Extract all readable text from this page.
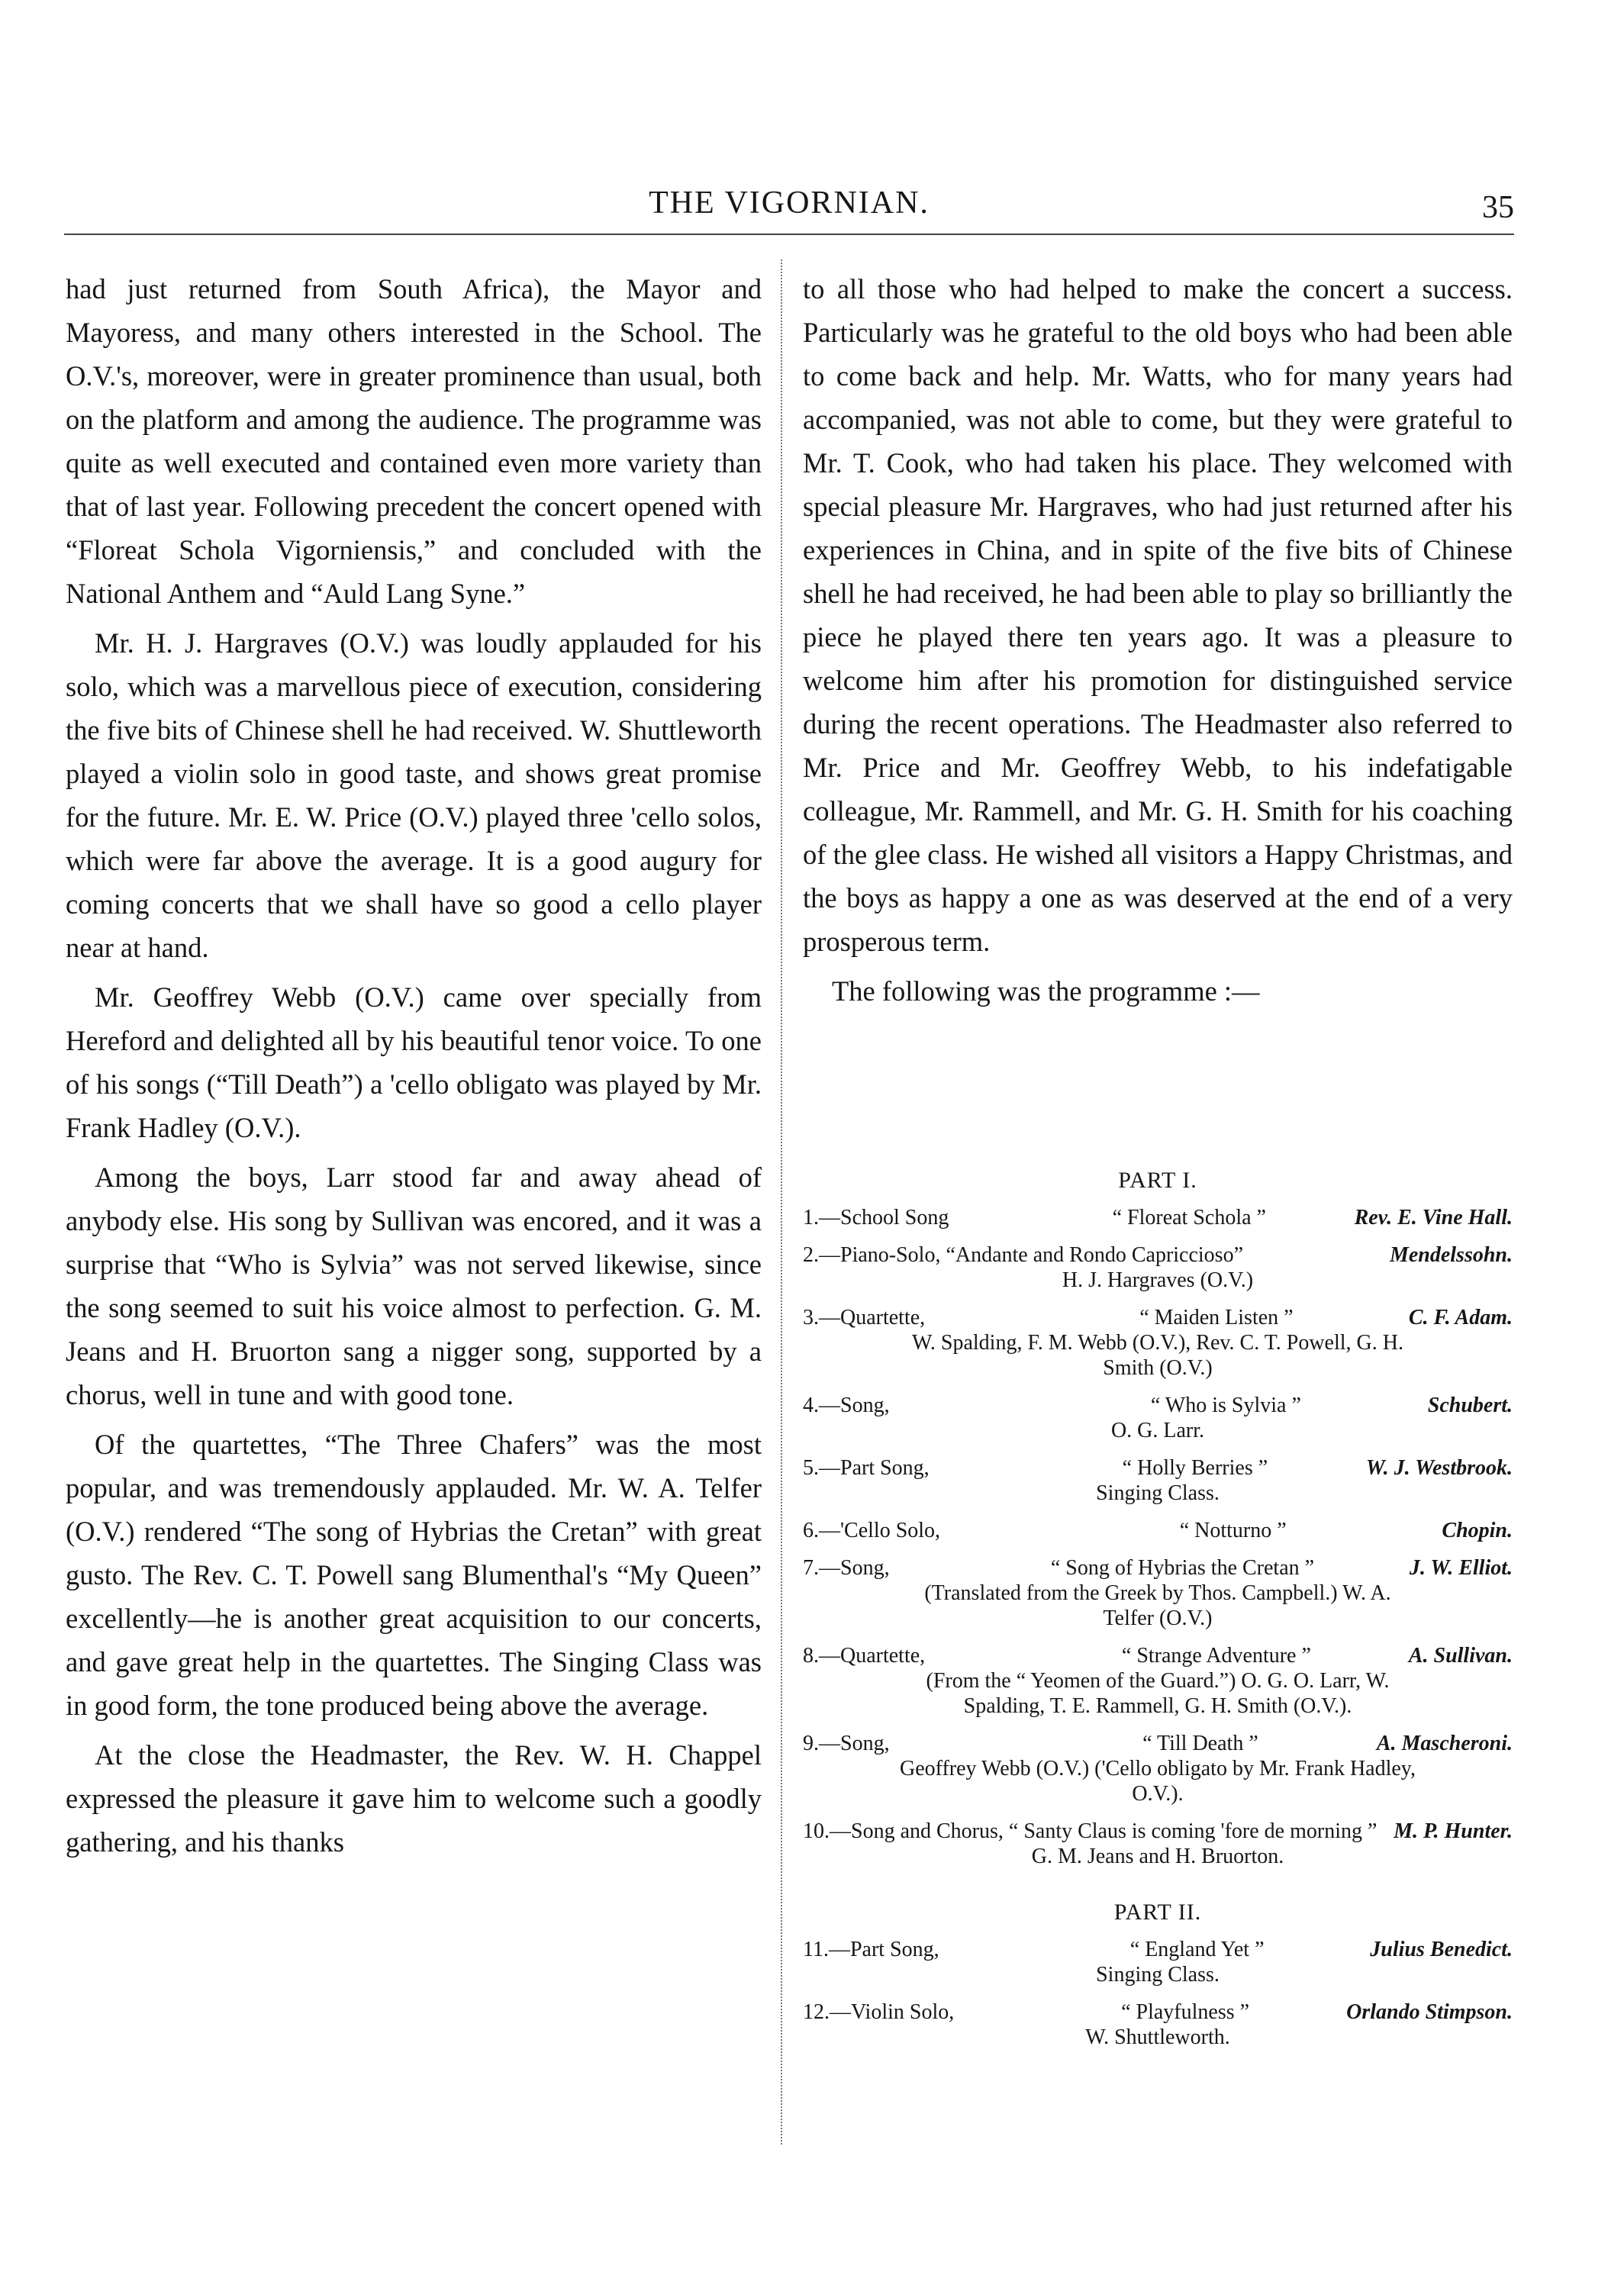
THE VIGORNIAN.	35

had just returned from South Africa), the Mayor and Mayoress, and many others interested in the School. The O.V.'s, moreover, were in greater prominence than usual, both on the platform and among the audience. The programme was quite as well executed and contained even more variety than that of last year. Following precedent the concert opened with “Floreat Schola Vigorniensis,” and concluded with the National Anthem and “Auld Lang Syne.”

Mr. H. J. Hargraves (O.V.) was loudly applauded for his solo, which was a marvellous piece of execution, considering the five bits of Chinese shell he had received. W. Shuttleworth played a violin solo in good taste, and shows great promise for the future. Mr. E. W. Price (O.V.) played three 'cello solos, which were far above the average. It is a good augury for coming concerts that we shall have so good a cello player near at hand.

Mr. Geoffrey Webb (O.V.) came over specially from Hereford and delighted all by his beautiful tenor voice. To one of his songs (“Till Death”) a 'cello obligato was played by Mr. Frank Hadley (O.V.).

Among the boys, Larr stood far and away ahead of anybody else. His song by Sullivan was encored, and it was a surprise that “Who is Sylvia” was not served likewise, since the song seemed to suit his voice almost to perfection. G. M. Jeans and H. Bruorton sang a nigger song, supported by a chorus, well in tune and with good tone.

Of the quartettes, “The Three Chafers” was the most popular, and was tremendously applauded. Mr. W. A. Telfer (O.V.) rendered “The song of Hybrias the Cretan” with great gusto. The Rev. C. T. Powell sang Blumenthal's “My Queen” excellently—he is another great acquisition to our concerts, and gave great help in the quartettes. The Singing Class was in good form, the tone produced being above the average.

At the close the Headmaster, the Rev. W. H. Chappel expressed the pleasure it gave him to welcome such a goodly gathering, and his thanks

to all those who had helped to make the concert a success. Particularly was he grateful to the old boys who had been able to come back and help. Mr. Watts, who for many years had accompanied, was not able to come, but they were grateful to Mr. T. Cook, who had taken his place. They welcomed with special pleasure Mr. Hargraves, who had just returned after his experiences in China, and in spite of the five bits of Chinese shell he had received, he had been able to play so brilliantly the piece he played there ten years ago. It was a pleasure to welcome him after his promotion for distinguished service during the recent operations. The Headmaster also referred to Mr. Price and Mr. Geoffrey Webb, to his indefatigable colleague, Mr. Rammell, and Mr. G. H. Smith for his coaching of the glee class. He wished all visitors a Happy Christmas, and the boys as happy a one as was deserved at the end of a very prosperous term.

The following was the programme :—

PART I.
1.—School Song	“ Floreat Schola ”	Rev. E. Vine Hall.
2.—Piano-Solo, “Andante and Rondo Capriccioso”	Mendelssohn.
H. J. Hargraves (O.V.)
3.—Quartette,	“ Maiden Listen ”	C. F. Adam.
W. Spalding, F. M. Webb (O.V.), Rev. C. T. Powell, G. H. Smith (O.V.)
4.—Song,	“ Who is Sylvia ”	Schubert.
O. G. Larr.
5.—Part Song,	“ Holly Berries ”	W. J. Westbrook.
Singing Class.
6.—'Cello Solo,	“ Notturno ”	Chopin.
7.—Song,	“ Song of Hybrias the Cretan ”	J. W. Elliot.
(Translated from the Greek by Thos. Campbell.) W. A. Telfer (O.V.)
8.—Quartette,	“ Strange Adventure ”	A. Sullivan.
(From the “ Yeomen of the Guard.”) O. G. O. Larr, W. Spalding, T. E. Rammell, G. H. Smith (O.V.).
9.—Song,	“ Till Death ”	A. Mascheroni.
Geoffrey Webb (O.V.) ('Cello obligato by Mr. Frank Hadley, O.V.).
10.—Song and Chorus, “ Santy Claus is coming 'fore de morning ” M. P. Hunter.
G. M. Jeans and H. Bruorton.
PART II.
11.—Part Song,	“ England Yet ”	Julius Benedict.
Singing Class.
12.—Violin Solo,	“ Playfulness ”	Orlando Stimpson.
W. Shuttleworth.
